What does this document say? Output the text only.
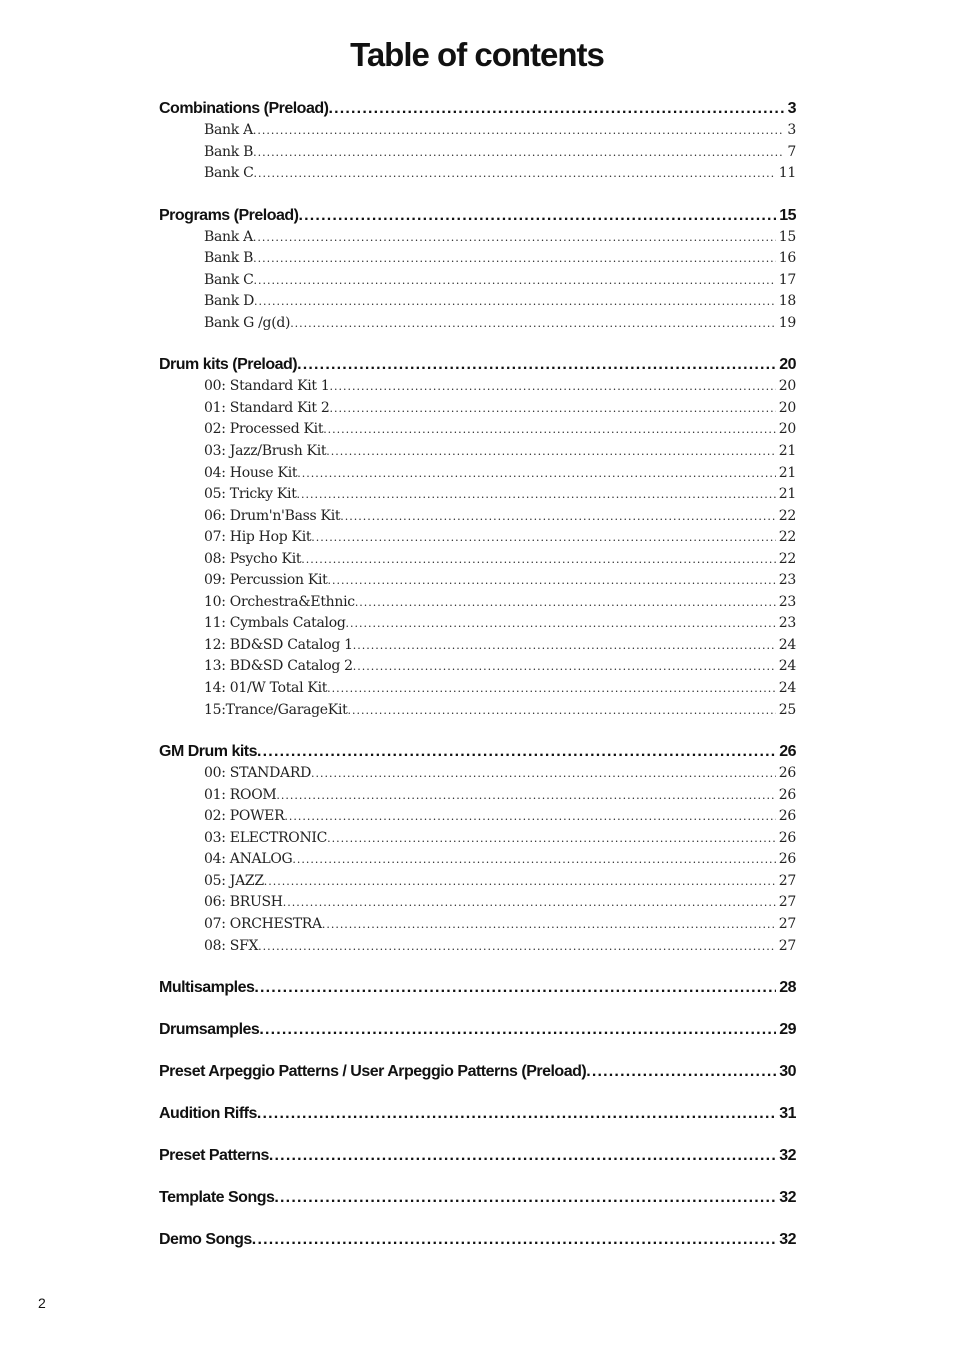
Table of contents
Combinations (Preload) .....	3
Bank A .....	3
Bank B .....	7
Bank C .....	11
Programs (Preload) .....	15
Bank A .....	15
Bank B .....	16
Bank C .....	17
Bank D .....	18
Bank G /g(d) .....	19
Drum kits (Preload) .....	20
00: Standard Kit 1 .....	20
01: Standard Kit 2 .....	20
02: Processed Kit .....	20
03: Jazz/Brush Kit .....	21
04: House Kit .....	21
05: Tricky Kit .....	21
06: Drum'n'Bass Kit .....	22
07: Hip Hop Kit .....	22
08: Psycho Kit .....	22
09: Percussion Kit .....	23
10: Orchestra&Ethnic .....	23
11: Cymbals Catalog .....	23
12: BD&SD Catalog 1 .....	24
13: BD&SD Catalog 2 .....	24
14: 01/W Total Kit .....	24
15:Trance/GarageKit .....	25
GM Drum kits .....	26
00: STANDARD .....	26
01: ROOM .....	26
02: POWER .....	26
03: ELECTRONIC .....	26
04: ANALOG .....	26
05: JAZZ .....	27
06: BRUSH .....	27
07: ORCHESTRA .....	27
08: SFX .....	27
Multisamples .....	28
Drumsamples .....	29
Preset Arpeggio Patterns / User Arpeggio Patterns (Preload) .....	30
Audition Riffs .....	31
Preset Patterns .....	32
Template Songs .....	32
Demo Songs .....	32
2
